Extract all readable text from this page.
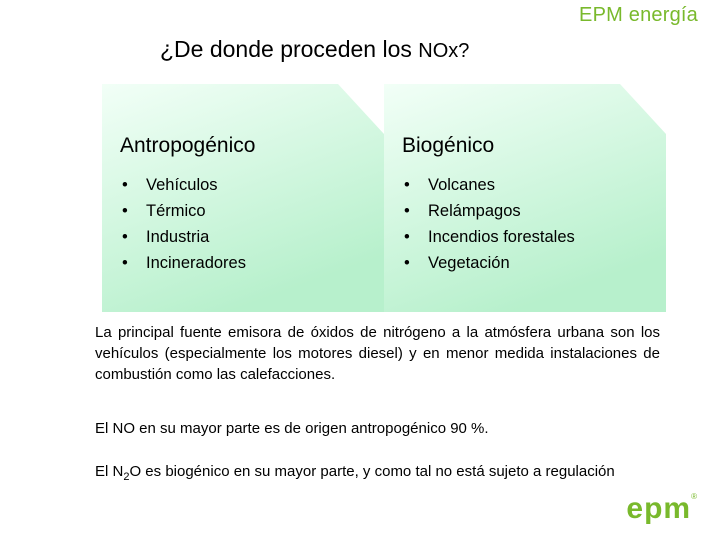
EPM energía
¿De donde proceden los NOx?
Antropogénico
• Vehículos
• Térmico
• Industria
• Incineradores
Biogénico
• Volcanes
• Relámpagos
• Incendios forestales
• Vegetación

La principal fuente emisora de óxidos de nitrógeno a la atmósfera urbana son los vehículos (especialmente los motores diesel) y en menor medida instalaciones de combustión como las calefacciones.

El NO en su mayor parte es de origen antropogénico 90 %.

El $N_2O$ es biogénico en su mayor parte, y como tal no está sujeto a regulación

epm®
